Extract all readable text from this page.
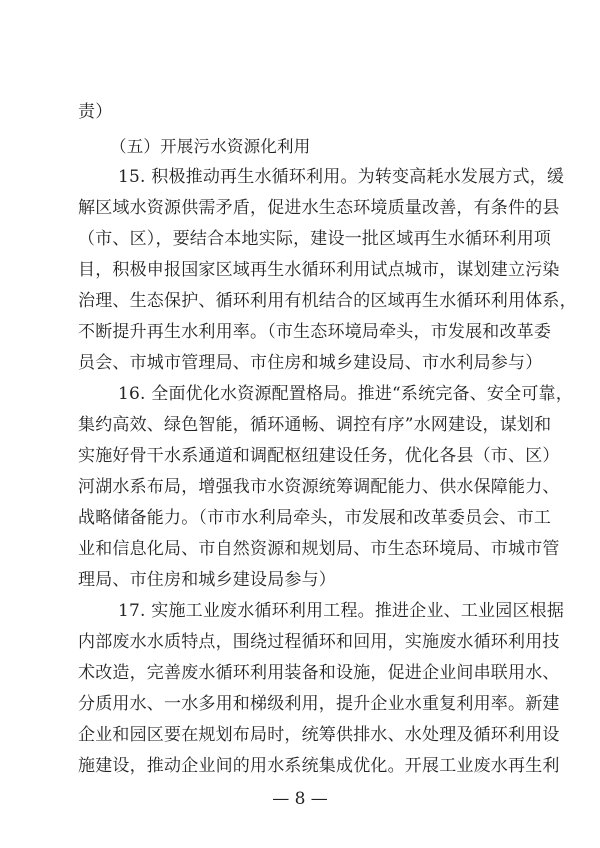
责）
（五）开展污水资源化利用
15. 积极推动再生水循环利用。为转变高耗水发展方式，缓
解区域水资源供需矛盾，促进水生态环境质量改善，有条件的县
（市、区），要结合本地实际，建设一批区域再生水循环利用项
目，积极申报国家区域再生水循环利用试点城市，谋划建立污染
治理、生态保护、循环利用有机结合的区域再生水循环利用体系，
不断提升再生水利用率。（市生态环境局牵头，市发展和改革委
员会、市城市管理局、市住房和城乡建设局、市水利局参与）
16. 全面优化水资源配置格局。推进“系统完备、安全可靠，
集约高效、绿色智能，循环通畅、调控有序”水网建设，谋划和
实施好骨干水系通道和调配枢纽建设任务，优化各县（市、区）
河湖水系布局，增强我市水资源统筹调配能力、供水保障能力、
战略储备能力。（市市水利局牵头，市发展和改革委员会、市工
业和信息化局、市自然资源和规划局、市生态环境局、市城市管
理局、市住房和城乡建设局参与）
17. 实施工业废水循环利用工程。推进企业、工业园区根据
内部废水水质特点，围绕过程循环和回用，实施废水循环利用技
术改造，完善废水循环利用装备和设施，促进企业间串联用水、
分质用水、一水多用和梯级利用，提升企业水重复利用率。新建
企业和园区要在规划布局时，统筹供排水、水处理及循环利用设
施建设，推动企业间的用水系统集成优化。开展工业废水再生利
— 8 —
